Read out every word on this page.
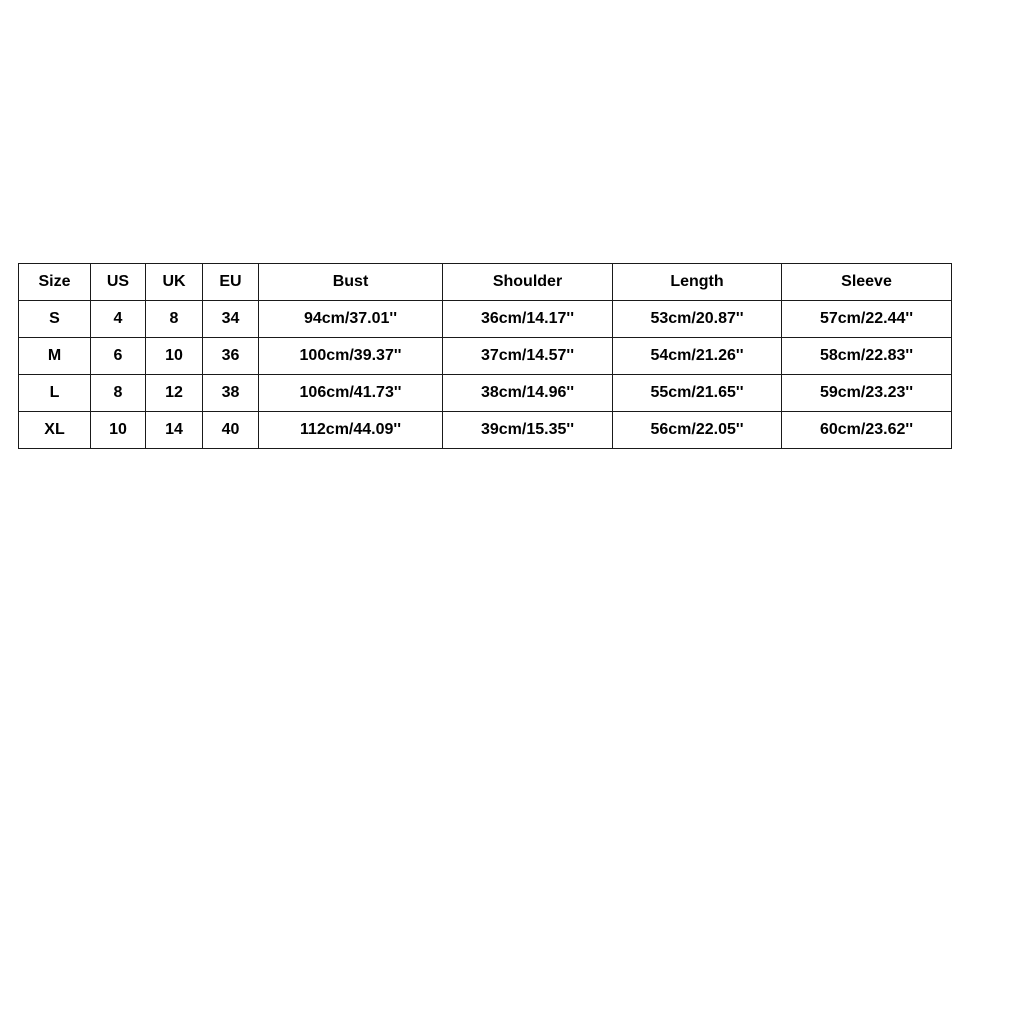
Size	US	UK	EU	Bust	Shoulder	Length	Sleeve
S	4	8	34	94cm/37.01''	36cm/14.17''	53cm/20.87''	57cm/22.44''
M	6	10	36	100cm/39.37''	37cm/14.57''	54cm/21.26''	58cm/22.83''
L	8	12	38	106cm/41.73''	38cm/14.96''	55cm/21.65''	59cm/23.23''
XL	10	14	40	112cm/44.09''	39cm/15.35''	56cm/22.05''	60cm/23.62''
